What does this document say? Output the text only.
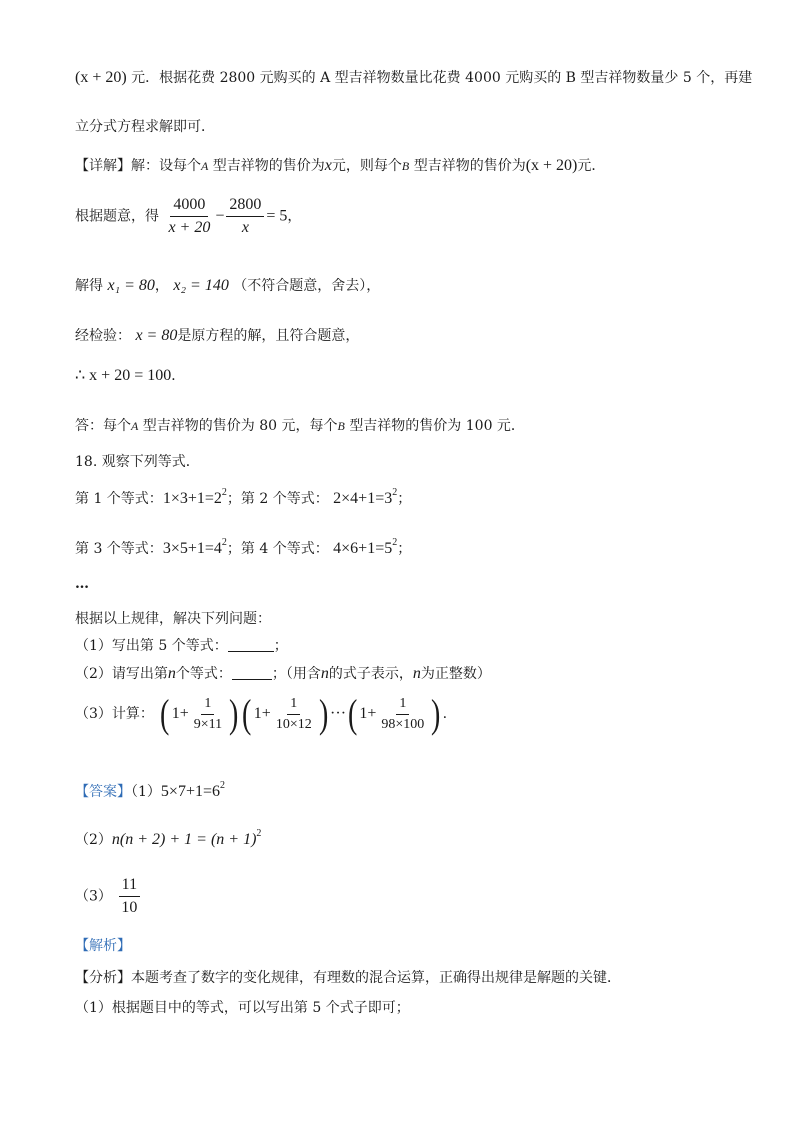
(x + 20) 元．根据花费 2800 元购买的 A 型吉祥物数量比花费 4000 元购买的 B 型吉祥物数量少 5 个，再建
立分式方程求解即可．
【详解】解：设每个A 型吉祥物的售价为x元，则每个B 型吉祥物的售价为(x + 20)元．
根据题意，得 $\frac{4000}{x + 20} - \frac{2800}{x} = 5$，
解得 x₁ = 80， x₂ = 140 （不符合题意，舍去），
经检验： x = 80是原方程的解，且符合题意，
∴ x + 20 = 100．
答：每个A 型吉祥物的售价为 80 元，每个B 型吉祥物的售价为 100 元．
18. 观察下列等式．
第 1 个等式：$1\times 3+1=2^2$；第 2 个等式： $2\times 4+1=3^2$；
第 3 个等式：$3\times 5+1=4^2$；第 4 个等式： $4\times 6+1=5^2$；
…
根据以上规律，解决下列问题：
（1）写出第 5 个等式：	；
（2）请写出第n个等式：	；（用含n的式子表示，n为正整数）
（3）计算： ( $1+ \frac{1}{9\times 11}$ )( $1+ \frac{1}{10\times 12}$ ) ···( $1+ \frac{1}{98\times 100}$ ) .
【答案】$(1)5\times 7+1=6^2$
$(2)n(n + 2) + 1 = (n + 1)^2$
$(3) \frac{11}{10}$
【解析】
【分析】本题考查了数字的变化规律，有理数的混合运算，正确得出规律是解题的关键．
（1）根据题目中的等式，可以写出第 5 个式子即可；
